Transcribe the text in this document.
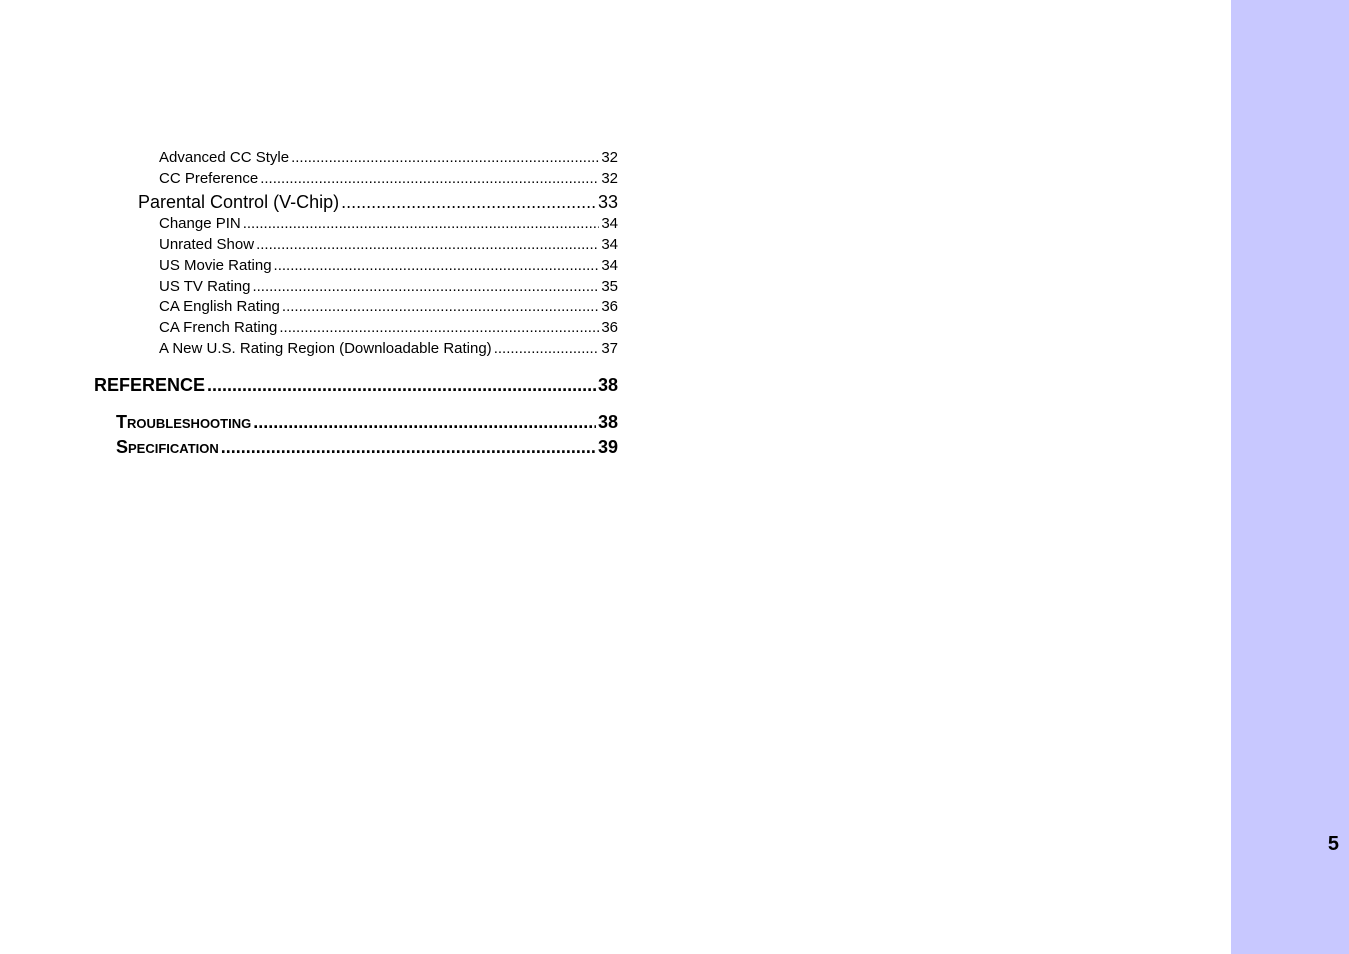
Advanced CC Style .....	32
CC Preference .....	32
Parental Control (V-Chip) .....	33
Change PIN .....	34
Unrated Show .....	34
US Movie Rating .....	34
US TV Rating .....	35
CA English Rating .....	36
CA French Rating .....	36
A New U.S. Rating Region (Downloadable Rating) .....	37
REFERENCE .....	38
Troubleshooting .....	38
Specification .....	39
5
